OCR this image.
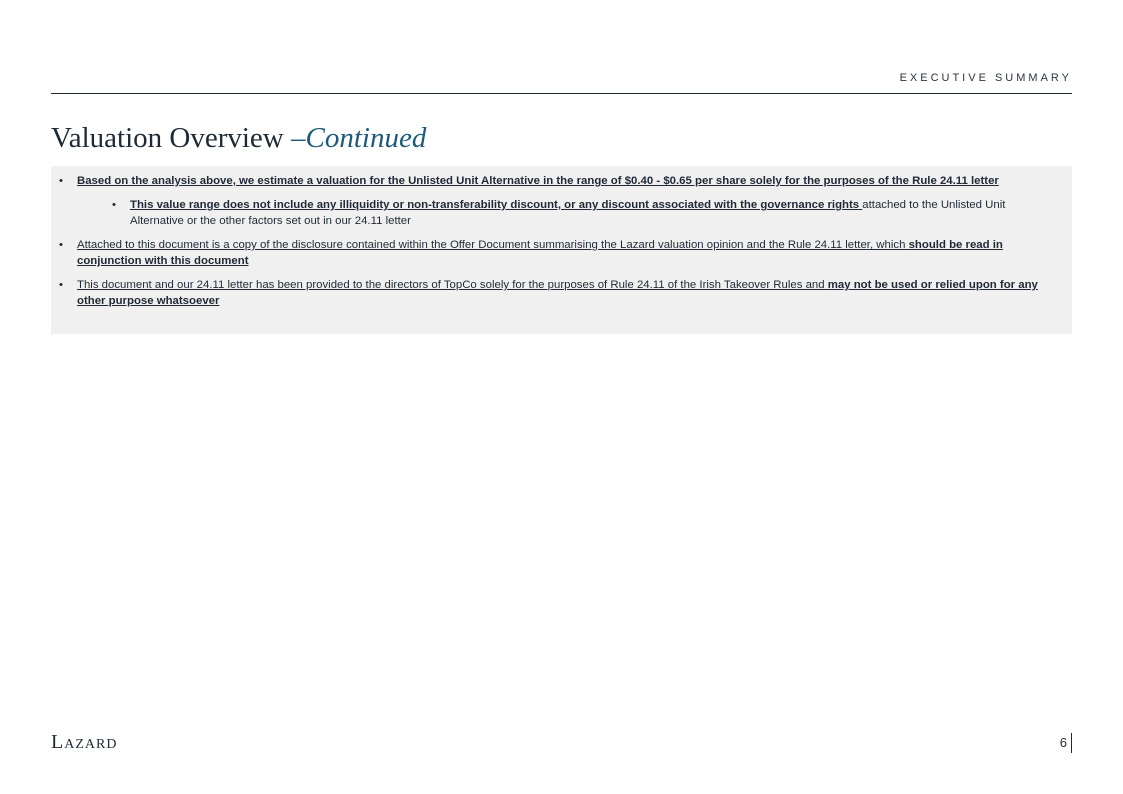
EXECUTIVE SUMMARY
Valuation Overview –Continued
•	Based on the analysis above, we estimate a valuation for the Unlisted Unit Alternative in the range of $0.40 - $0.65 per share solely for the purposes of the Rule 24.11 letter
•	This value range does not include any illiquidity or non-transferability discount, or any discount associated with the governance rights attached to the Unlisted Unit Alternative or the other factors set out in our 24.11 letter
•	Attached to this document is a copy of the disclosure contained within the Offer Document summarising the Lazard valuation opinion and the Rule 24.11 letter, which should be read in conjunction with this document
•	This document and our 24.11 letter has been provided to the directors of TopCo solely for the purposes of Rule 24.11 of the Irish Takeover Rules and may not be used or relied upon for any other purpose whatsoever
Lazard	6
